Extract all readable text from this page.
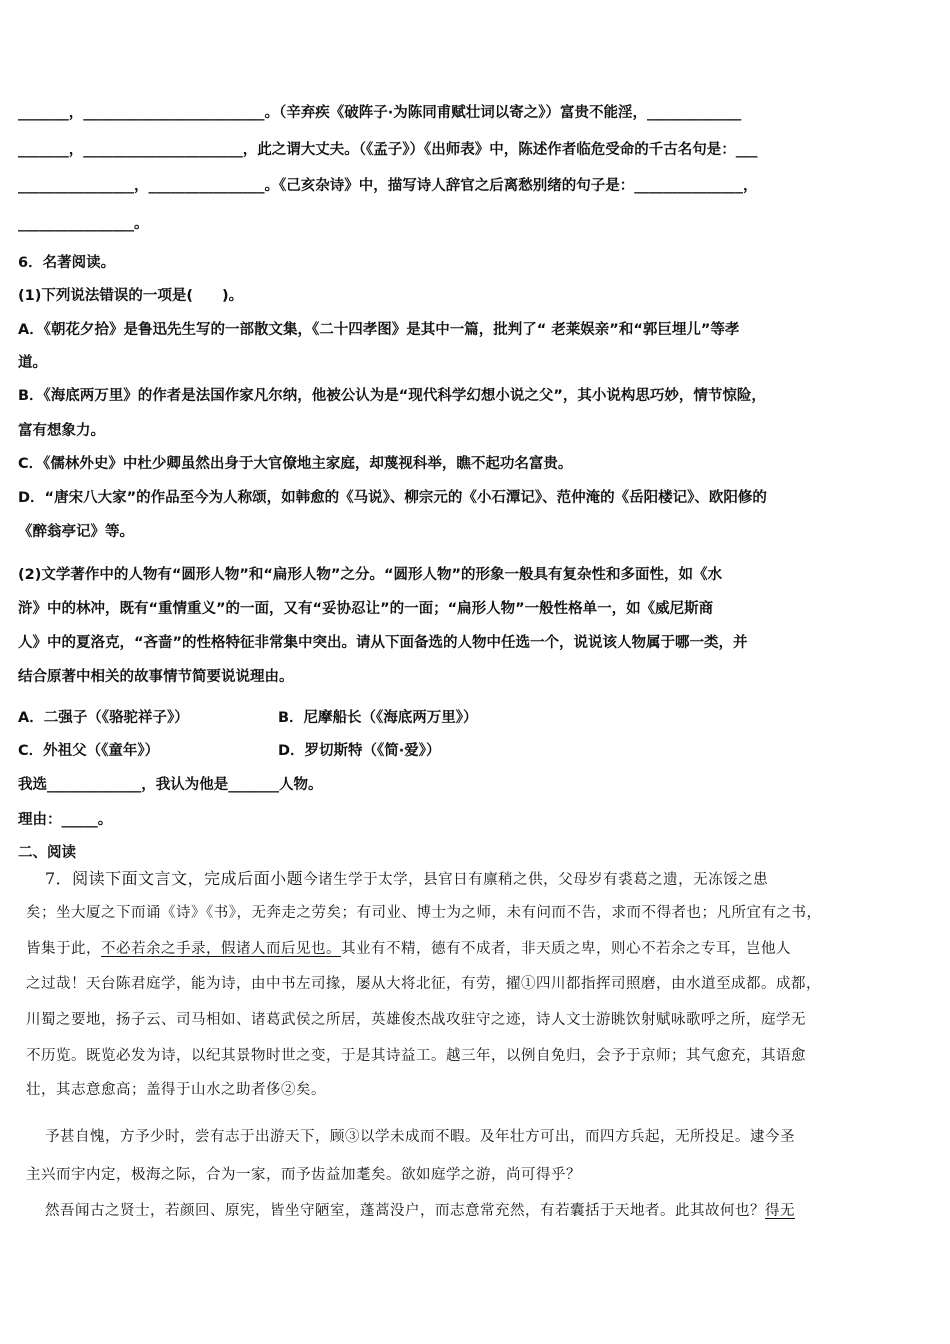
_______，_________________________。（辛弃疾《破阵子·为陈同甫赋壮词以寄之》）富贵不能淫，_____________
_______，______________________，此之谓大丈夫。（《孟子》）《出师表》中，陈述作者临危受命的千古名句是：___
________________，________________。《己亥杂诗》中，描写诗人辞官之后离愁别绪的句子是：_______________，
________________。
6．名著阅读。
(1)下列说法错误的一项是(　　)。
A．《朝花夕拾》是鲁迅先生写的一部散文集，《二十四孝图》是其中一篇，批判了“ 老莱娱亲”和“郭巨埋儿”等孝
道。
B．《海底两万里》的作者是法国作家凡尔纳，他被公认为是“现代科学幻想小说之父”，其小说构思巧妙，情节惊险，
富有想象力。
C．《儒林外史》中杜少卿虽然出身于大官僚地主家庭，却蔑视科举，瞧不起功名富贵。
D．“唐宋八大家”的作品至今为人称颂，如韩愈的《马说》、柳宗元的《小石潭记》、范仲淹的《岳阳楼记》、欧阳修的
《醉翁亭记》等。
(2)文学著作中的人物有“圆形人物”和“扁形人物”之分。“圆形人物”的形象一般具有复杂性和多面性，如《水
浒》中的林冲，既有“重情重义”的一面，又有“妥协忍让”的一面；“扁形人物”一般性格单一，如《威尼斯商
人》中的夏洛克，“吝啬”的性格特征非常集中突出。请从下面备选的人物中任选一个，说说该人物属于哪一类，并
结合原著中相关的故事情节简要说说理由。
A．二强子（《骆驼祥子》）	B．尼摩船长（《海底两万里》）
C．外祖父（《童年》）	D．罗切斯特（《简·爱》）
我选_____________，我认为他是_______人物。
理由：_____。
二、阅读
7．阅读下面文言文，完成后面小题今诸生学于太学，县官日有廪稍之供，父母岁有裘葛之遗，无冻馁之患
矣；坐大厦之下而诵《诗》《书》，无奔走之劳矣；有司业、博士为之师，未有问而不告，求而不得者也；凡所宜有之书，
皆集于此，不必若余之手录，假诸人而后见也。其业有不精，德有不成者，非天质之卑，则心不若余之专耳，岂他人
之过哉！天台陈君庭学，能为诗，由中书左司掾，屡从大将北征，有劳，擢①四川都指挥司照磨，由水道至成都。成都，
川蜀之要地，扬子云、司马相如、诸葛武侯之所居，英雄俊杰战攻驻守之迹，诗人文士游眺饮射赋咏歌呼之所，庭学无
不历览。既览必发为诗，以纪其景物时世之变，于是其诗益工。越三年，以例自免归，会予于京师；其气愈充，其语愈
壮，其志意愈高；盖得于山水之助者侈②矣。
予甚自愧，方予少时，尝有志于出游天下，顾③以学未成而不暇。及年壮方可出，而四方兵起，无所投足。逮今圣
主兴而宇内定，极海之际，合为一家，而予齿益加耄矣。欲如庭学之游，尚可得乎？
然吾闻古之贤士，若颜回、原宪，皆坐守陋室，蓬蒿没户，而志意常充然，有若囊括于天地者。此其故何也？得无
